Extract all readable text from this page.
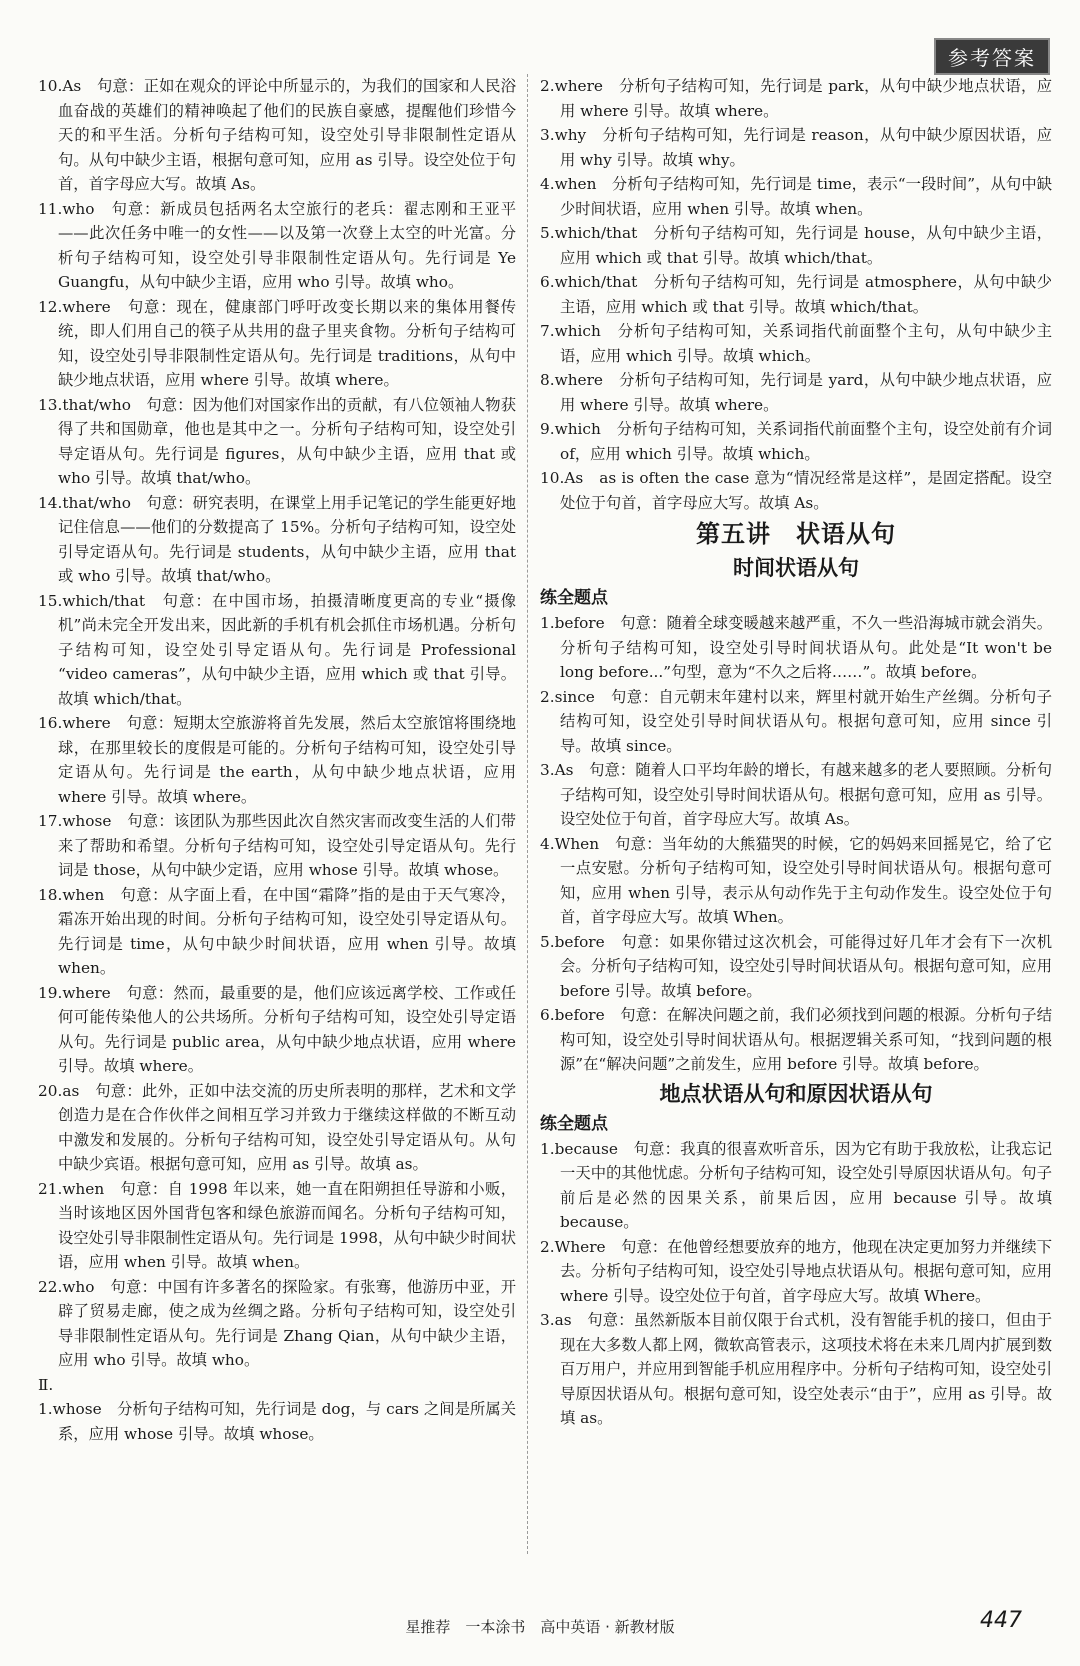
参考答案

10.As　句意：正如在观众的评论中所显示的，为我们的国家和人民浴血奋战的英雄们的精神唤起了他们的民族自豪感，提醒他们珍惜今天的和平生活。分析句子结构可知，设空处引导非限制性定语从句。从句中缺少主语，根据句意可知，应用 as 引导。设空处位于句首，首字母应大写。故填 As。

11.who　句意：新成员包括两名太空旅行的老兵：翟志刚和王亚平——此次任务中唯一的女性——以及第一次登上太空的叶光富。分析句子结构可知，设空处引导非限制性定语从句。先行词是 Ye Guangfu，从句中缺少主语，应用 who 引导。故填 who。

12.where　句意：现在，健康部门呼吁改变长期以来的集体用餐传统，即人们用自己的筷子从共用的盘子里夹食物。分析句子结构可知，设空处引导非限制性定语从句。先行词是 traditions，从句中缺少地点状语，应用 where 引导。故填 where。

13.that/who　句意：因为他们对国家作出的贡献，有八位领袖人物获得了共和国勋章，他也是其中之一。分析句子结构可知，设空处引导定语从句。先行词是 figures，从句中缺少主语，应用 that 或 who 引导。故填 that/who。

14.that/who　句意：研究表明，在课堂上用手记笔记的学生能更好地记住信息——他们的分数提高了 15%。分析句子结构可知，设空处引导定语从句。先行词是 students，从句中缺少主语，应用 that 或 who 引导。故填 that/who。

15.which/that　句意：在中国市场，拍摄清晰度更高的专业“摄像机”尚未完全开发出来，因此新的手机有机会抓住市场机遇。分析句子结构可知，设空处引导定语从句。先行词是 Professional “video cameras”，从句中缺少主语，应用 which 或 that 引导。故填 which/that。

16.where　句意：短期太空旅游将首先发展，然后太空旅馆将围绕地球，在那里较长的度假是可能的。分析句子结构可知，设空处引导定语从句。先行词是 the earth，从句中缺少地点状语，应用 where 引导。故填 where。

17.whose　句意：该团队为那些因此次自然灾害而改变生活的人们带来了帮助和希望。分析句子结构可知，设空处引导定语从句。先行词是 those，从句中缺少定语，应用 whose 引导。故填 whose。

18.when　句意：从字面上看，在中国“霜降”指的是由于天气寒冷，霜冻开始出现的时间。分析句子结构可知，设空处引导定语从句。先行词是 time，从句中缺少时间状语，应用 when 引导。故填 when。

19.where　句意：然而，最重要的是，他们应该远离学校、工作或任何可能传染他人的公共场所。分析句子结构可知，设空处引导定语从句。先行词是 public area，从句中缺少地点状语，应用 where 引导。故填 where。

20.as　句意：此外，正如中法交流的历史所表明的那样，艺术和文学创造力是在合作伙伴之间相互学习并致力于继续这样做的不断互动中激发和发展的。分析句子结构可知，设空处引导定语从句。从句中缺少宾语。根据句意可知，应用 as 引导。故填 as。

21.when　句意：自 1998 年以来，她一直在阳朔担任导游和小贩，当时该地区因外国背包客和绿色旅游而闻名。分析句子结构可知，设空处引导非限制性定语从句。先行词是 1998，从句中缺少时间状语，应用 when 引导。故填 when。

22.who　句意：中国有许多著名的探险家。有张骞，他游历中亚，开辟了贸易走廊，使之成为丝绸之路。分析句子结构可知，设空处引导非限制性定语从句。先行词是 Zhang Qian，从句中缺少主语，应用 who 引导。故填 who。

Ⅱ.

1.whose　分析句子结构可知，先行词是 dog，与 cars 之间是所属关系，应用 whose 引导。故填 whose。

2.where　分析句子结构可知，先行词是 park，从句中缺少地点状语，应用 where 引导。故填 where。

3.why　分析句子结构可知，先行词是 reason，从句中缺少原因状语，应用 why 引导。故填 why。

4.when　分析句子结构可知，先行词是 time，表示“一段时间”，从句中缺少时间状语，应用 when 引导。故填 when。

5.which/that　分析句子结构可知，先行词是 house，从句中缺少主语，应用 which 或 that 引导。故填 which/that。

6.which/that　分析句子结构可知，先行词是 atmosphere，从句中缺少主语，应用 which 或 that 引导。故填 which/that。

7.which　分析句子结构可知，关系词指代前面整个主句，从句中缺少主语，应用 which 引导。故填 which。

8.where　分析句子结构可知，先行词是 yard，从句中缺少地点状语，应用 where 引导。故填 where。

9.which　分析句子结构可知，关系词指代前面整个主句，设空处前有介词 of，应用 which 引导。故填 which。

10.As　as is often the case 意为“情况经常是这样”，是固定搭配。设空处位于句首，首字母应大写。故填 As。

第五讲　状语从句
时间状语从句
练全题点

1.before　句意：随着全球变暖越来越严重，不久一些沿海城市就会消失。分析句子结构可知，设空处引导时间状语从句。此处是“It won't be long before...”句型，意为“不久之后将……”。故填 before。

2.since　句意：自元朝末年建村以来，辉里村就开始生产丝绸。分析句子结构可知，设空处引导时间状语从句。根据句意可知，应用 since 引导。故填 since。

3.As　句意：随着人口平均年龄的增长，有越来越多的老人要照顾。分析句子结构可知，设空处引导时间状语从句。根据句意可知，应用 as 引导。设空处位于句首，首字母应大写。故填 As。

4.When　句意：当年幼的大熊猫哭的时候，它的妈妈来回摇晃它，给了它一点安慰。分析句子结构可知，设空处引导时间状语从句。根据句意可知，应用 when 引导，表示从句动作先于主句动作发生。设空处位于句首，首字母应大写。故填 When。

5.before　句意：如果你错过这次机会，可能得过好几年才会有下一次机会。分析句子结构可知，设空处引导时间状语从句。根据句意可知，应用 before 引导。故填 before。

6.before　句意：在解决问题之前，我们必须找到问题的根源。分析句子结构可知，设空处引导时间状语从句。根据逻辑关系可知，“找到问题的根源”在“解决问题”之前发生，应用 before 引导。故填 before。

地点状语从句和原因状语从句
练全题点

1.because　句意：我真的很喜欢听音乐，因为它有助于我放松，让我忘记一天中的其他忧虑。分析句子结构可知，设空处引导原因状语从句。句子前后是必然的因果关系，前果后因，应用 because 引导。故填 because。

2.Where　句意：在他曾经想要放弃的地方，他现在决定更加努力并继续下去。分析句子结构可知，设空处引导地点状语从句。根据句意可知，应用 where 引导。设空处位于句首，首字母应大写。故填 Where。

3.as　句意：虽然新版本目前仅限于台式机，没有智能手机的接口，但由于现在大多数人都上网，微软高管表示，这项技术将在未来几周内扩展到数百万用户，并应用到智能手机应用程序中。分析句子结构可知，设空处引导原因状语从句。根据句意可知，设空处表示“由于”，应用 as 引导。故填 as。

星推荐　一本涂书　高中英语 · 新教材版	447
